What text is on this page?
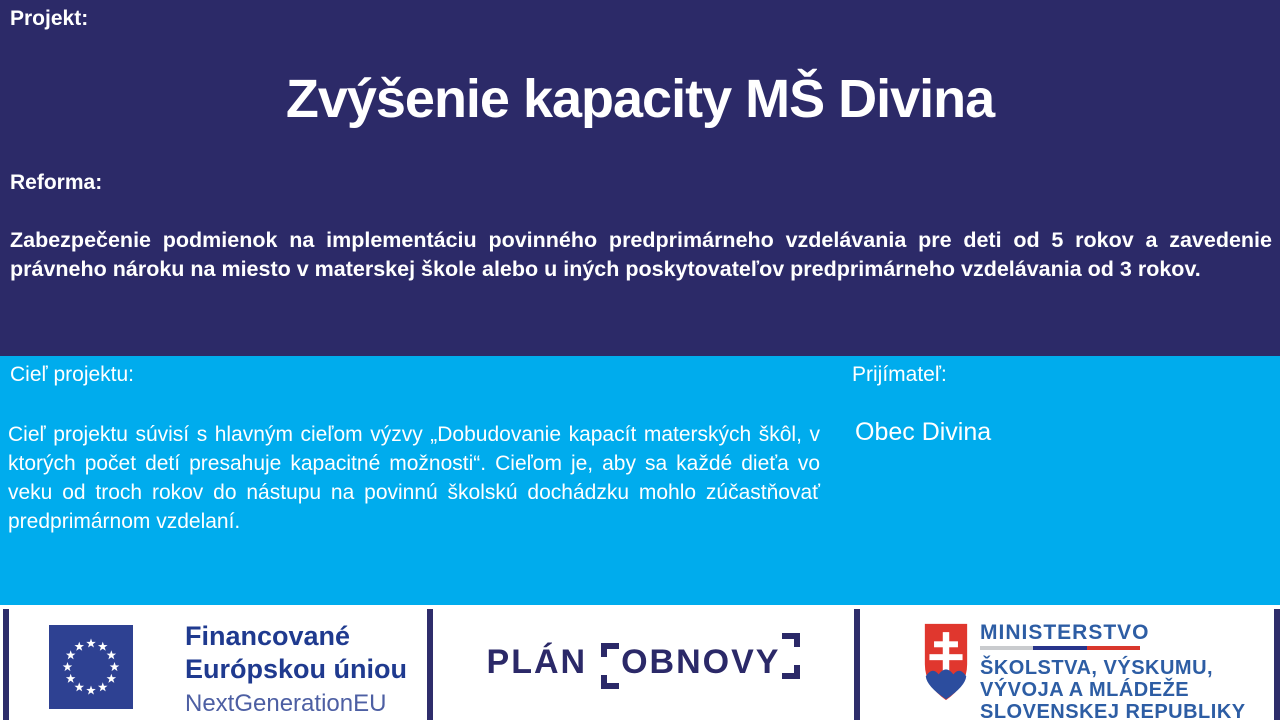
Projekt:
Zvýšenie kapacity MŠ Divina
Reforma:

Zabezpečenie podmienok na implementáciu povinného predprimárneho vzdelávania pre deti od 5 rokov a zavedenie právneho nároku na miesto v materskej škole alebo u iných poskytovateľov predprimárneho vzdelávania od 3 rokov.

Cieľ projektu:

Cieľ projektu súvisí s hlavným cieľom výzvy „Dobudovanie kapacít materských škôl, v ktorých počet detí presahuje kapacitné možnosti“. Cieľom je, aby sa každé dieťa vo veku od troch rokov do nástupu na povinnú školskú dochádzku mohlo zúčastňovať predprimárnom vzdelaní.

Prijímateľ:
Obec Divina
Financované
Európskou úniou
NextGenerationEU
PLÁN OBNOVY
MINISTERSTVO
ŠKOLSTVA, VÝSKUMU,
VÝVOJA A MLÁDEŽE
SLOVENSKEJ REPUBLIKY
